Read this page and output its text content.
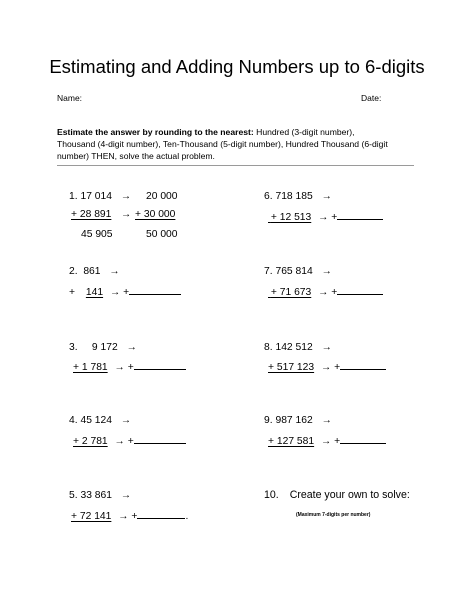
Estimating and Adding Numbers up to 6-digits
Name:	Date:
Estimate the answer by rounding to the nearest: Hundred (3-digit number), Thousand (4-digit number), Ten-Thousand (5-digit number), Hundred Thousand (6-digit number) THEN, solve the actual problem.
1. 17 014 → 20 000
+ 28 891 → + 30 000
45 905	50 000
2. 861 →
+ 141 → +
3. 9 172 →
+ 1 781 → +
4. 45 124 →
+ 2 781 → +
5. 33 861 →
+ 72 141 → +	.
6. 718 185 →
+ 12 513 → +
7. 765 814 →
+ 71 673 → +
8. 142 512 →
+ 517 123 → +
9. 987 162 →
+ 127 581 → +
10. Create your own to solve:
(Maximum 7-digits per number)
